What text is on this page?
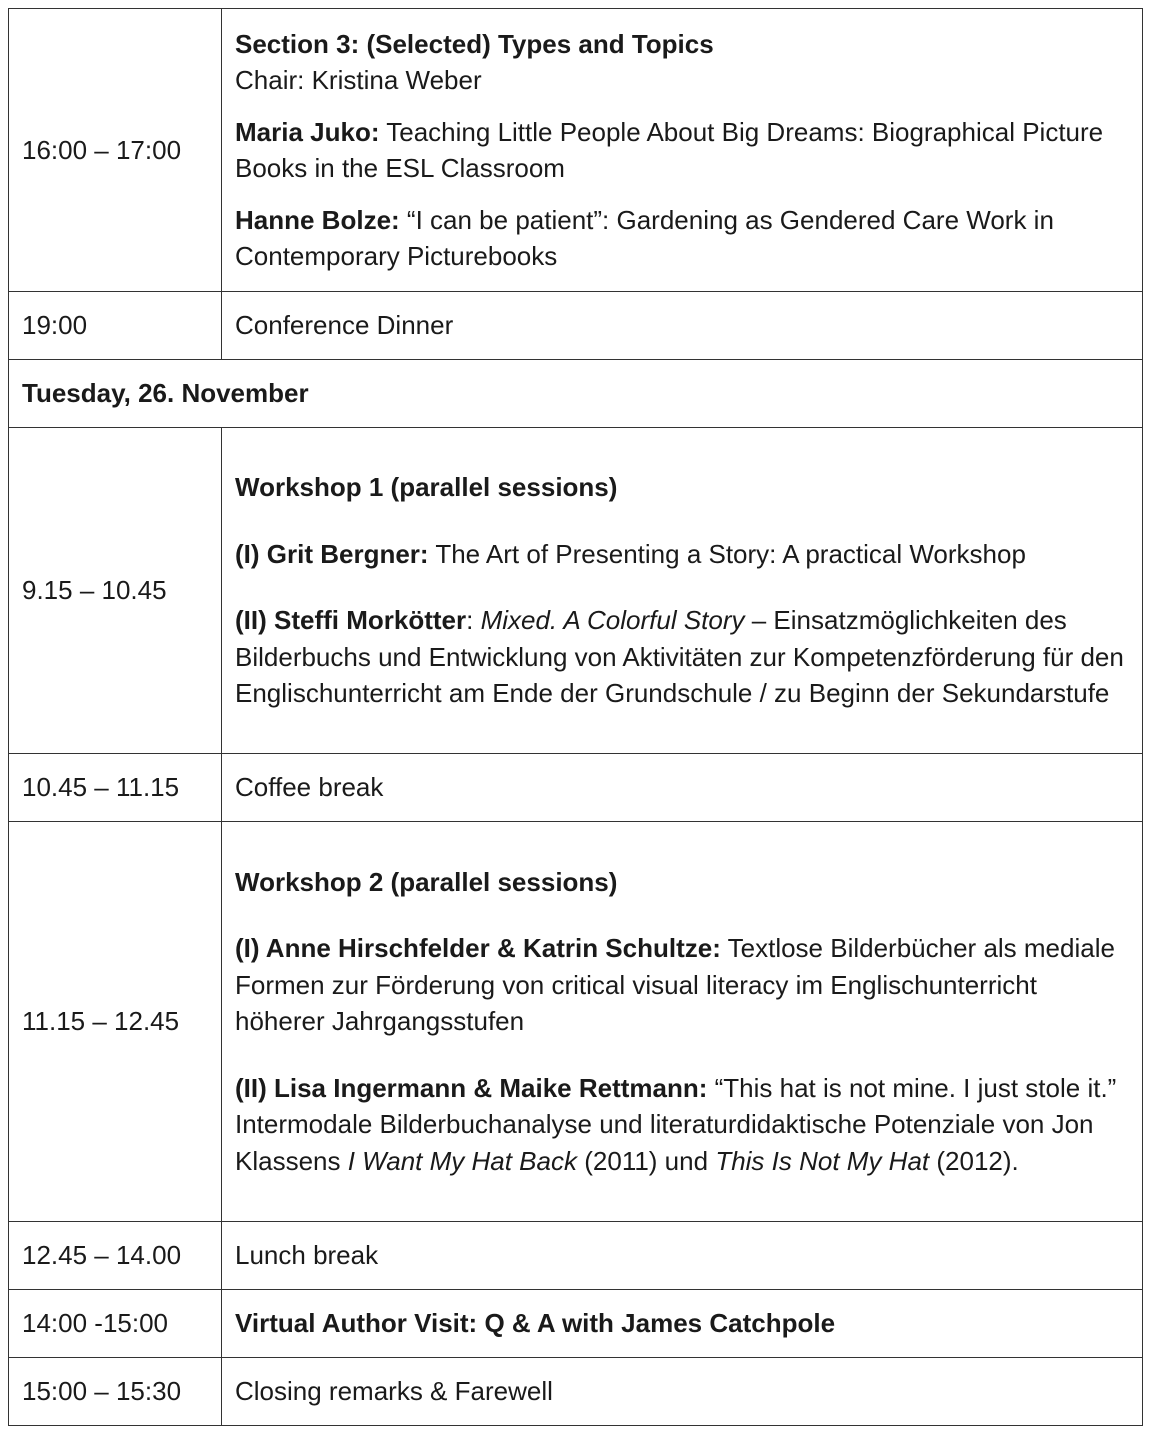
16:00 – 17:00	Section 3: (Selected) Types and Topics

Chair: Kristina Weber

Maria Juko: Teaching Little People About Big Dreams: Biographical Picture Books in the ESL Classroom

Hanne Bolze: “I can be patient”: Gardening as Gendered Care Work in Contemporary Picturebooks

19:00	Conference Dinner
Tuesday, 26. November	
9.15 – 10.45	Workshop 1 (parallel sessions)

(I) Grit Bergner: The Art of Presenting a Story: A practical Workshop

(II) Steffi Morkötter: Mixed. A Colorful Story – Einsatzmöglichkeiten des Bilderbuchs und Entwicklung von Aktivitäten zur Kompetenzförderung für den Englischunterricht am Ende der Grundschule / zu Beginn der Sekundarstufe

10.45 – 11.15	Coffee break
11.15 – 12.45	Workshop 2 (parallel sessions)

(I) Anne Hirschfelder & Katrin Schultze: Textlose Bilderbücher als mediale Formen zur Förderung von critical visual literacy im Englischunterricht höherer Jahrgangsstufen

(II) Lisa Ingermann & Maike Rettmann: “This hat is not mine. I just stole it.” Intermodale Bilderbuchanalyse und literaturdidaktische Potenziale von Jon Klassens I Want My Hat Back (2011) und This Is Not My Hat (2012).

12.45 – 14.00	Lunch break
14:00 -15:00	Virtual Author Visit: Q & A with James Catchpole
15:00 – 15:30	Closing remarks & Farewell
